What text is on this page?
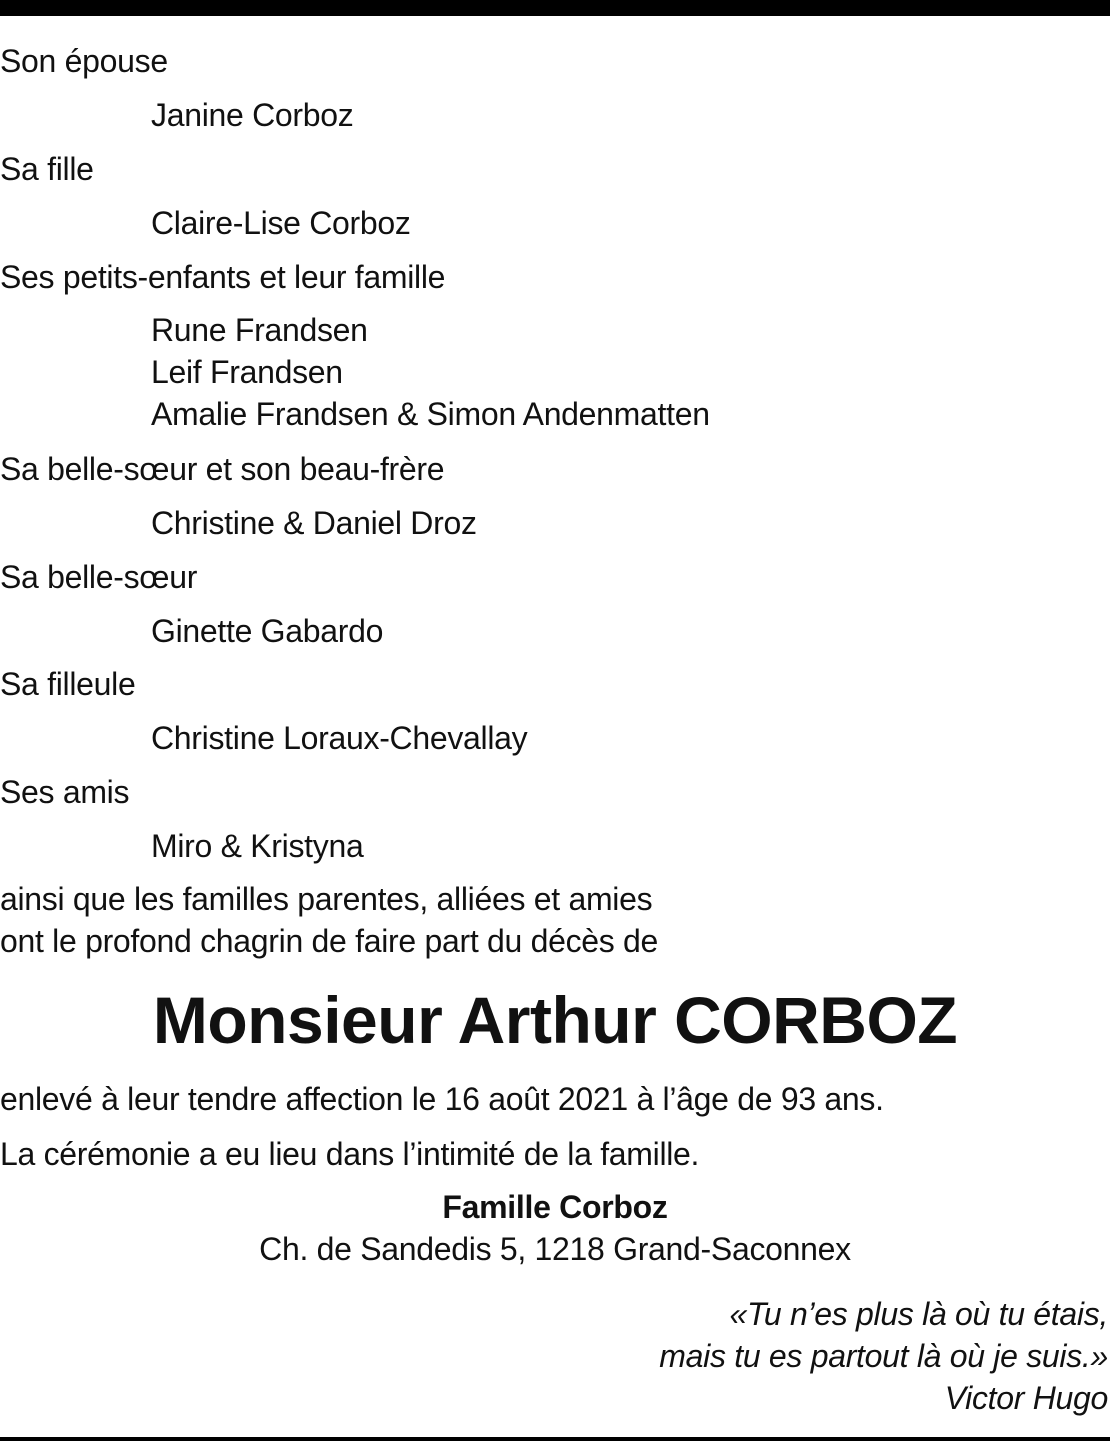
Son épouse
Janine Corboz
Sa fille
Claire-Lise Corboz
Ses petits-enfants et leur famille
Rune Frandsen
Leif Frandsen
Amalie Frandsen & Simon Andenmatten
Sa belle-sœur et son beau-frère
Christine & Daniel Droz
Sa belle-sœur
Ginette Gabardo
Sa filleule
Christine Loraux-Chevallay
Ses amis
Miro & Kristyna
ainsi que les familles parentes, alliées et amies
ont le profond chagrin de faire part du décès de
Monsieur Arthur CORBOZ
enlevé à leur tendre affection le 16 août 2021 à l’âge de 93 ans.
La cérémonie a eu lieu dans l’intimité de la famille.
Famille Corboz
Ch. de Sandedis 5, 1218 Grand-Saconnex
«Tu n’es plus là où tu étais,
mais tu es partout là où je suis.»
Victor Hugo
